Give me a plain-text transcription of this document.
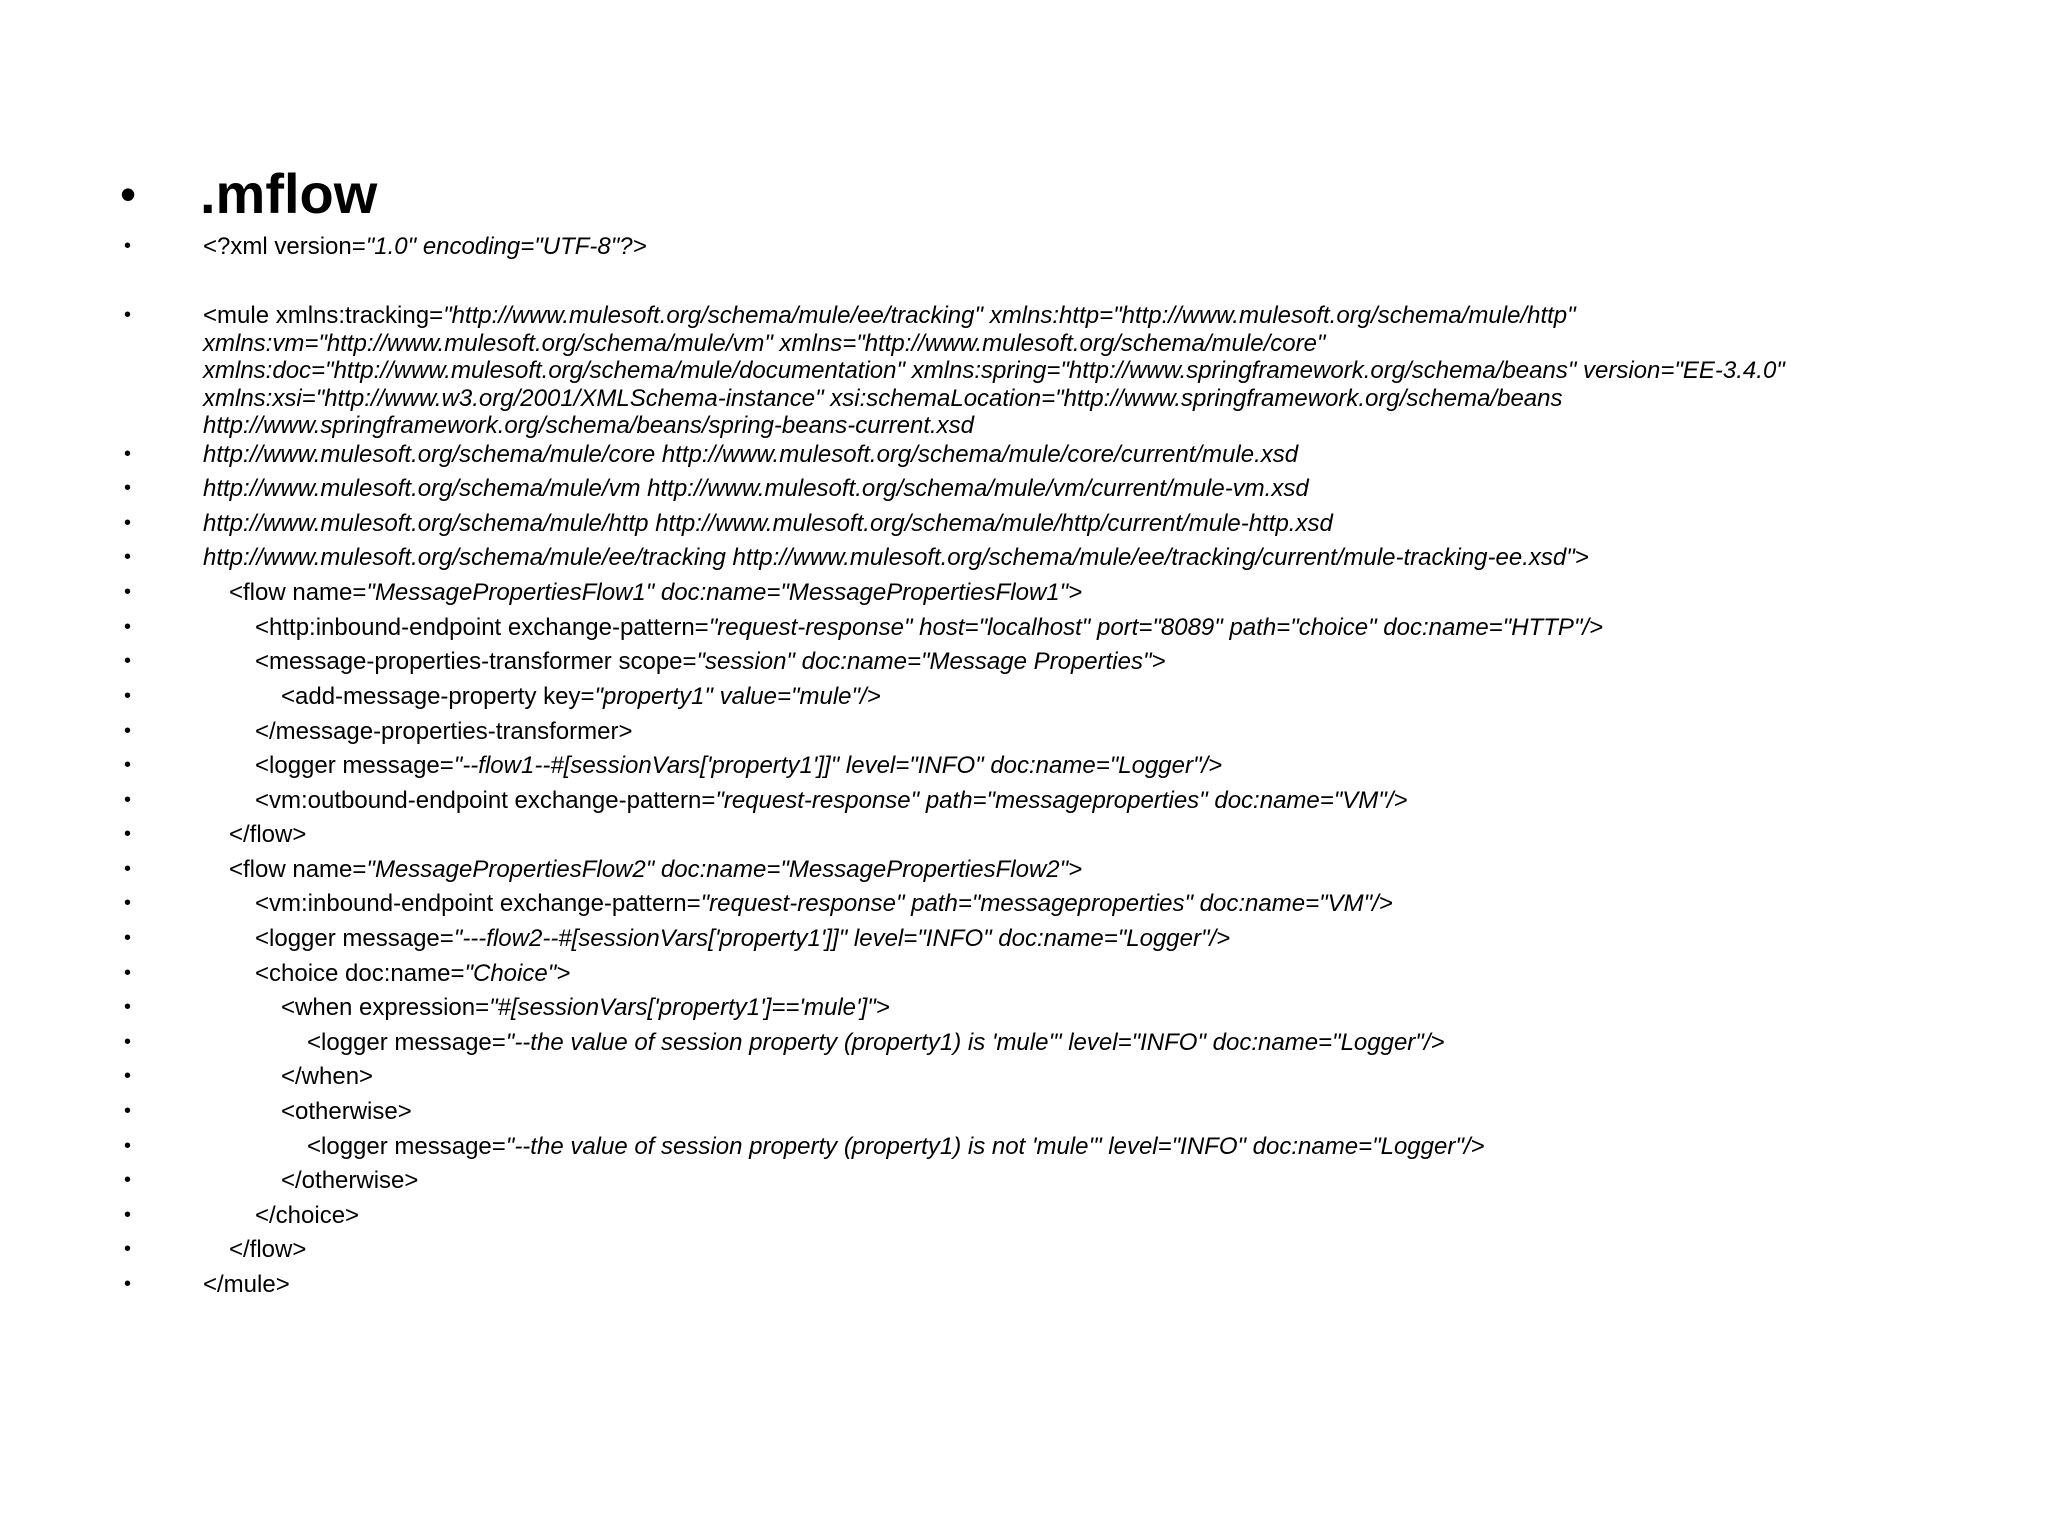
•	.mflow
•	<?xml version="1.0" encoding="UTF-8"?>
•	<mule xmlns:tracking="http://www.mulesoft.org/schema/mule/ee/tracking" xmlns:http="http://www.mulesoft.org/schema/mule/http" xmlns:vm="http://www.mulesoft.org/schema/mule/vm" xmlns="http://www.mulesoft.org/schema/mule/core" xmlns:doc="http://www.mulesoft.org/schema/mule/documentation" xmlns:spring="http://www.springframework.org/schema/beans" version="EE-3.4.0" xmlns:xsi="http://www.w3.org/2001/XMLSchema-instance" xsi:schemaLocation="http://www.springframework.org/schema/beans http://www.springframework.org/schema/beans/spring-beans-current.xsd
•	http://www.mulesoft.org/schema/mule/core http://www.mulesoft.org/schema/mule/core/current/mule.xsd
•	http://www.mulesoft.org/schema/mule/vm http://www.mulesoft.org/schema/mule/vm/current/mule-vm.xsd
•	http://www.mulesoft.org/schema/mule/http http://www.mulesoft.org/schema/mule/http/current/mule-http.xsd
•	http://www.mulesoft.org/schema/mule/ee/tracking http://www.mulesoft.org/schema/mule/ee/tracking/current/mule-tracking-ee.xsd">
•	<flow name="MessagePropertiesFlow1" doc:name="MessagePropertiesFlow1">
•	<http:inbound-endpoint exchange-pattern="request-response" host="localhost" port="8089" path="choice" doc:name="HTTP"/>
•	<message-properties-transformer scope="session" doc:name="Message Properties">
•	<add-message-property key="property1" value="mule"/>
•	</message-properties-transformer>
•	<logger message="--flow1--#[sessionVars['property1']]" level="INFO" doc:name="Logger"/>
•	<vm:outbound-endpoint exchange-pattern="request-response" path="messageproperties" doc:name="VM"/>
•	</flow>
•	<flow name="MessagePropertiesFlow2" doc:name="MessagePropertiesFlow2">
•	<vm:inbound-endpoint exchange-pattern="request-response" path="messageproperties" doc:name="VM"/>
•	<logger message="---flow2--#[sessionVars['property1']]" level="INFO" doc:name="Logger"/>
•	<choice doc:name="Choice">
•	<when expression="#[sessionVars['property1']=='mule']">
•	<logger message="--the value of session property (property1) is 'mule'" level="INFO" doc:name="Logger"/>
•	</when>
•	<otherwise>
•	<logger message="--the value of session property (property1) is not 'mule'" level="INFO" doc:name="Logger"/>
•	</otherwise>
•	</choice>
•	</flow>
•	</mule>
